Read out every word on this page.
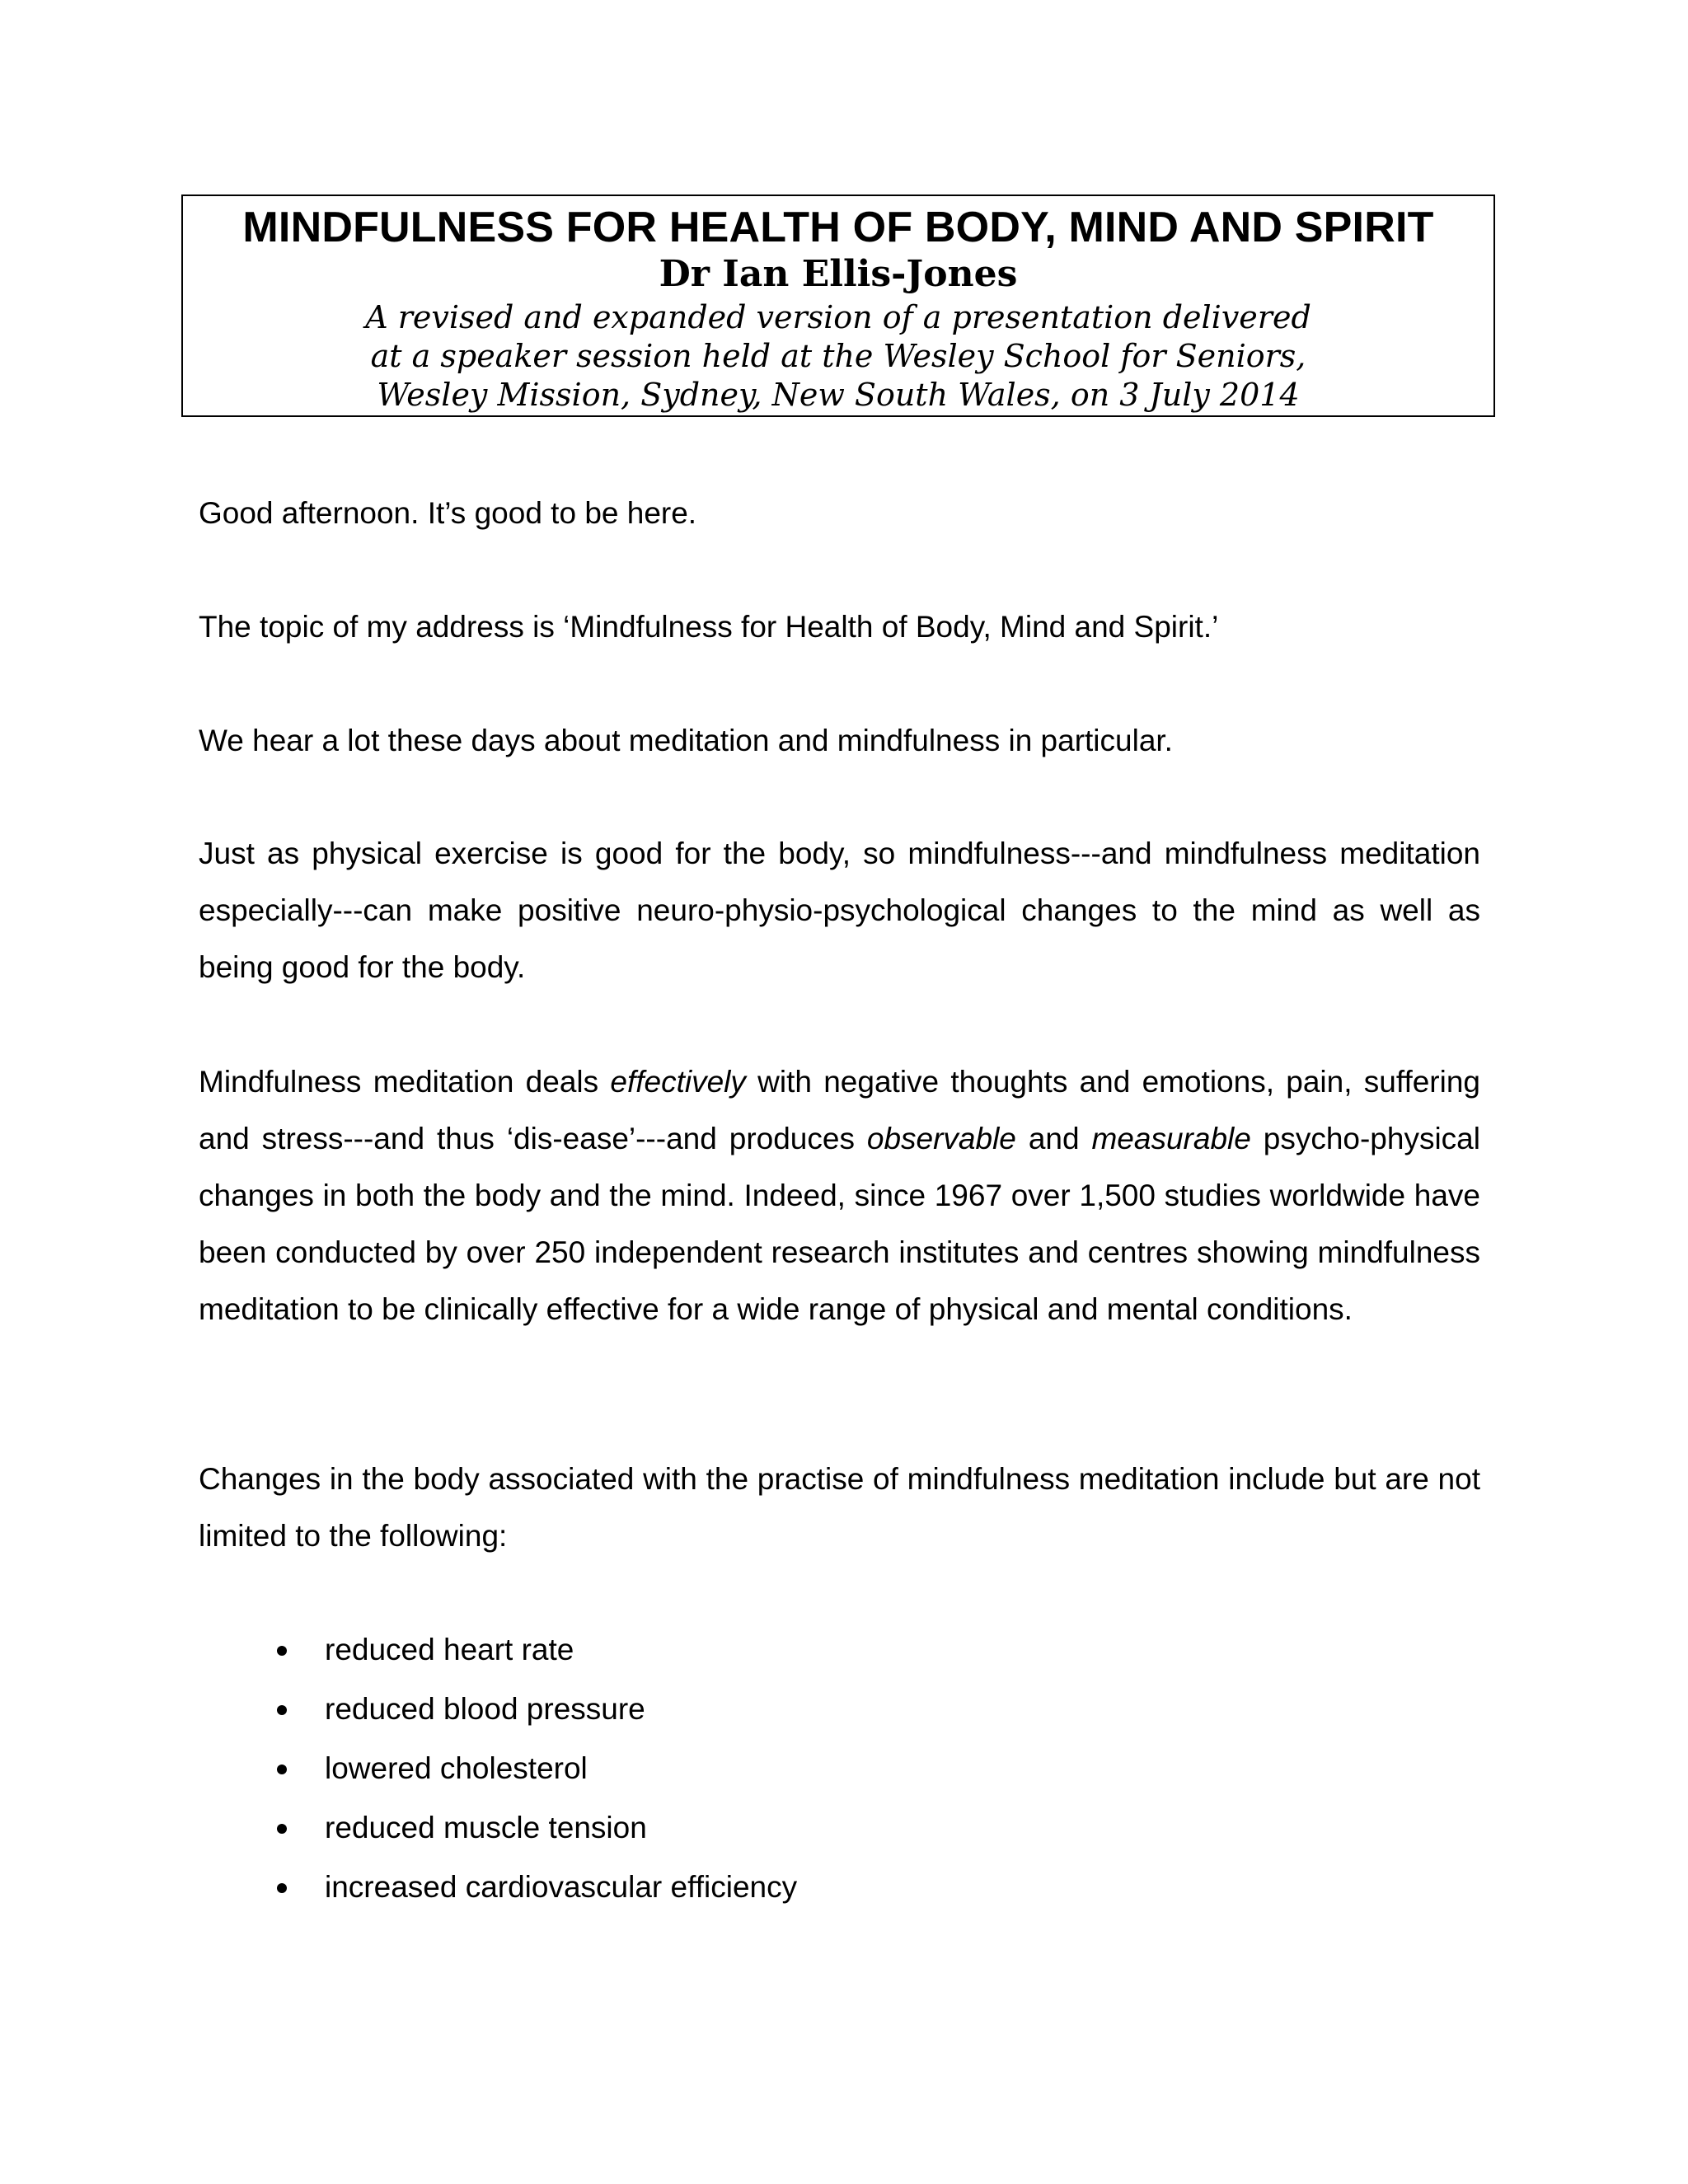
MINDFULNESS FOR HEALTH OF BODY, MIND AND SPIRIT
Dr Ian Ellis-Jones
A revised and expanded version of a presentation delivered
at a speaker session held at the Wesley School for Seniors,
Wesley Mission, Sydney, New South Wales, on 3 July 2014

Good afternoon. It’s good to be here.

The topic of my address is ‘Mindfulness for Health of Body, Mind and Spirit.’

We hear a lot these days about meditation and mindfulness in particular.

Just as physical exercise is good for the body, so mindfulness---and mindfulness meditation especially---can make positive neuro-physio-psychological changes to the mind as well as being good for the body.

Mindfulness meditation deals effectively with negative thoughts and emotions, pain, suffering and stress---and thus ‘dis-ease’---and produces observable and measurable psycho-physical changes in both the body and the mind. Indeed, since 1967 over 1,500 studies worldwide have been conducted by over 250 independent research institutes and centres showing mindfulness meditation to be clinically effective for a wide range of physical and mental conditions.

Changes in the body associated with the practise of mindfulness meditation include but are not limited to the following:

reduced heart rate
reduced blood pressure
lowered cholesterol
reduced muscle tension
increased cardiovascular efficiency
